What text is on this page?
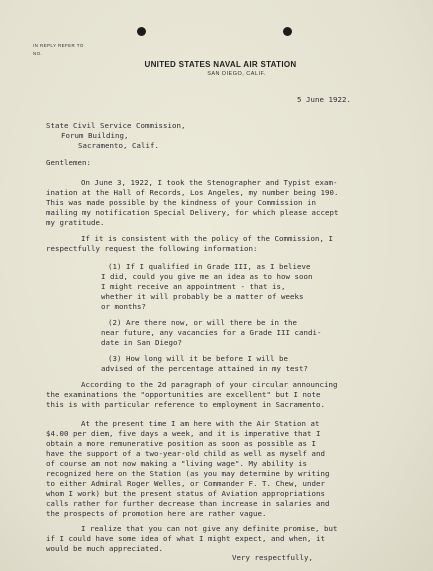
IN REPLY REFER TO
NO.
UNITED STATES NAVAL AIR STATION
SAN DIEGO, CALIF.
5 June 1922.
State Civil Service Commission,
Forum Building,
Sacramento, Calif.
Gentlemen:
On June 3, 1922, I took the Stenographer and Typist exam-
ination at the Hall of Records, Los Angeles, my number being 190.
This was made possible by the kindness of your Commission in
mailing my notification Special Delivery, for which please accept
my gratitude.
If it is consistent with the policy of the Commission, I
respectfully request the following information:
(1) If I qualified in Grade III, as I believe
I did, could you give me an idea as to how soon
I might receive an appointment - that is,
whether it will probably be a matter of weeks
or months?
(2) Are there now, or will there be in the
near future, any vacancies for a Grade III candi-
date in San Diego?
(3) How long will it be before I will be
advised of the percentage attained in my test?
According to the 2d paragraph of your circular announcing
the examinations the "opportunities are excellent" but I note
this is with particular reference to employment in Sacramento.
At the present time I am here with the Air Station at
$4.00 per diem, five days a week, and it is imperative that I
obtain a more remunerative position as soon as possible as I
have the support of a two-year-old child as well as myself and
of course am not now making a "living wage". My ability is
recognized here on the Station (as you may determine by writing
to either Admiral Roger Welles, or Commander F. T. Chew, under
whom I work) but the present status of Aviation appropriations
calls rather for further decrease than increase in salaries and
the prospects of promotion here are rather vague.
I realize that you can not give any definite promise, but
if I could have some idea of what I might expect, and when, it
would be much appreciated.
Very respectfully,
